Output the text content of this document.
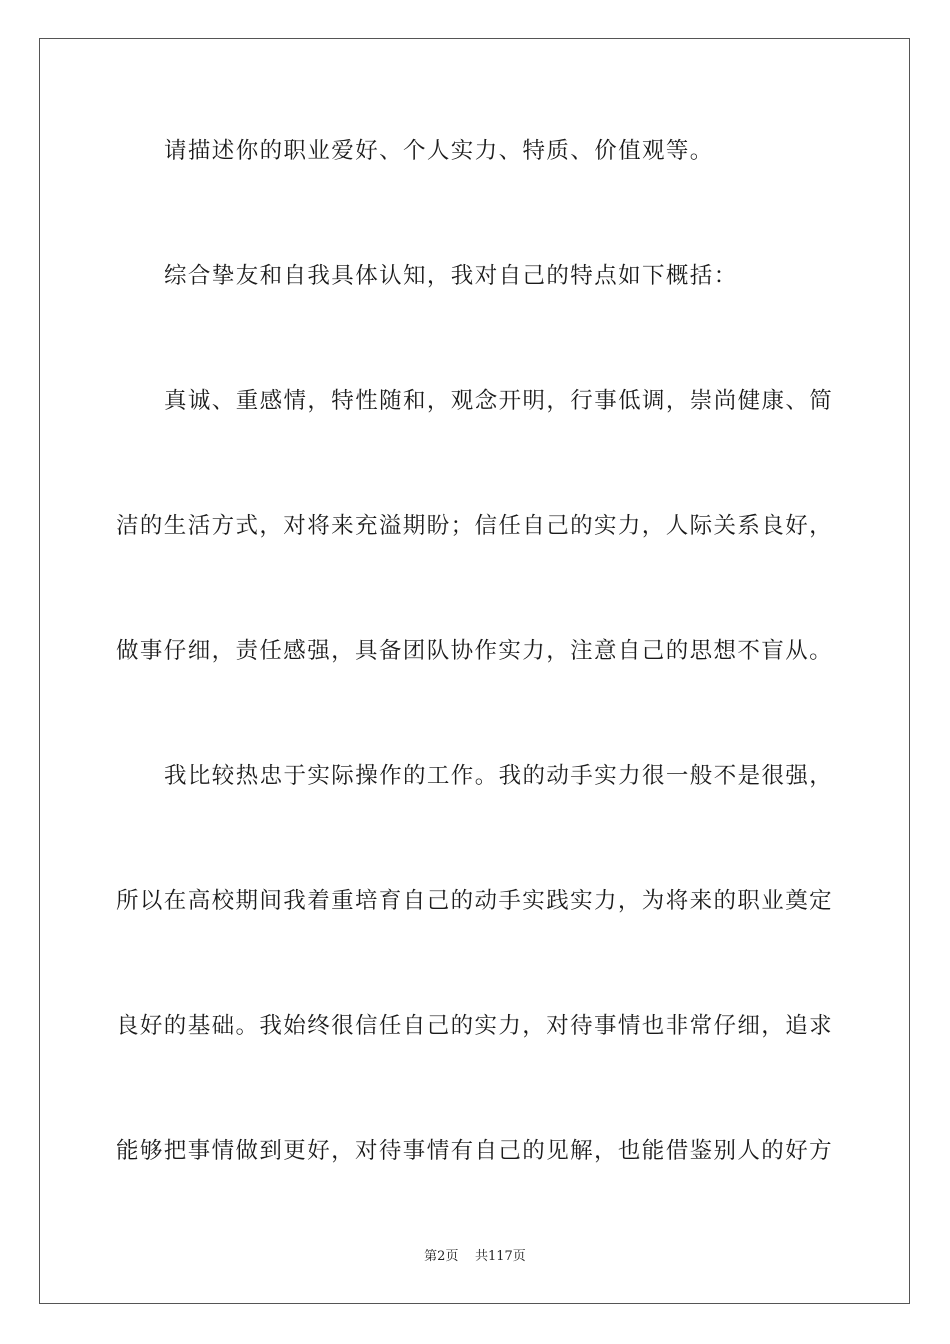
请描述你的职业爱好、个人实力、特质、价值观等。
综合挚友和自我具体认知，我对自己的特点如下概括：
真诚、重感情，特性随和，观念开明，行事低调，崇尚健康、简
洁的生活方式，对将来充溢期盼；信任自己的实力，人际关系良好，
做事仔细，责任感强，具备团队协作实力，注意自己的思想不盲从。
我比较热忠于实际操作的工作。我的动手实力很一般不是很强，
所以在高校期间我着重培育自己的动手实践实力，为将来的职业奠定
良好的基础。我始终很信任自己的实力，对待事情也非常仔细，追求
能够把事情做到更好，对待事情有自己的见解，也能借鉴别人的好方
第2页 共117页
